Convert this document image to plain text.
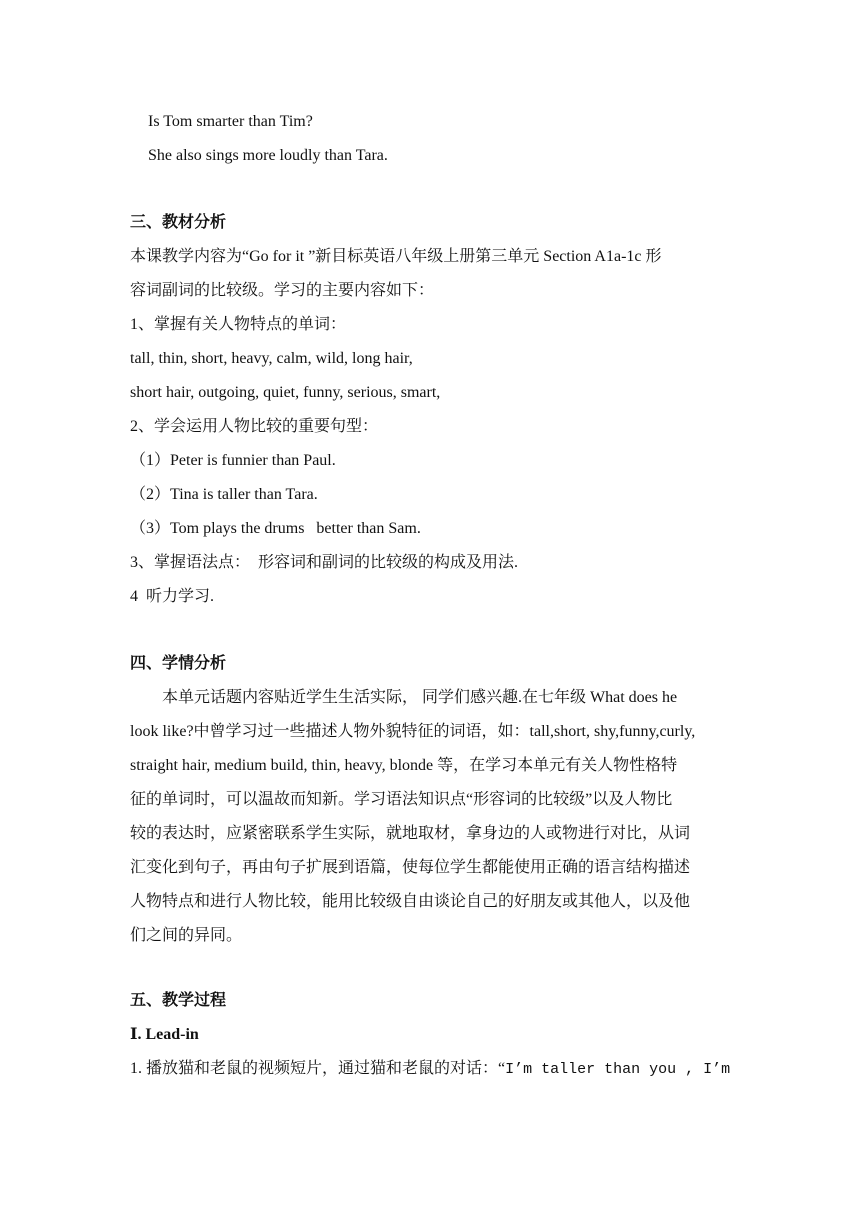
Is Tom smarter than Tim?
She also sings more loudly than Tara.
三、教材分析
本课教学内容为“Go for it ”新目标英语八年级上册第三单元 Section A1a-1c 形
容词副词的比较级。学习的主要内容如下：
1、掌握有关人物特点的单词：
tall, thin, short, heavy, calm, wild, long hair,
short hair, outgoing, quiet, funny, serious, smart,
2、学会运用人物比较的重要句型：
（1）Peter is funnier than Paul.
（2）Tina is taller than Tara.
（3）Tom plays the drums   better than Sam.
3、掌握语法点：  形容词和副词的比较级的构成及用法.
4  听力学习.
四、学情分析
本单元话题内容贴近学生生活实际， 同学们感兴趣.在七年级 What does he
look like?中曾学习过一些描述人物外貌特征的词语，如：tall,short, shy,funny,curly,
straight hair, medium build, thin, heavy, blonde 等，在学习本单元有关人物性格特
征的单词时，可以温故而知新。学习语法知识点“形容词的比较级”以及人物比
较的表达时，应紧密联系学生实际，就地取材，拿身边的人或物进行对比，从词
汇变化到句子，再由句子扩展到语篇，使每位学生都能使用正确的语言结构描述
人物特点和进行人物比较，能用比较级自由谈论自己的好朋友或其他人，以及他
们之间的异同。
五、教学过程
Ⅰ. Lead-in
1. 播放猫和老鼠的视频短片，通过猫和老鼠的对话：“I’m taller than you , I’m
